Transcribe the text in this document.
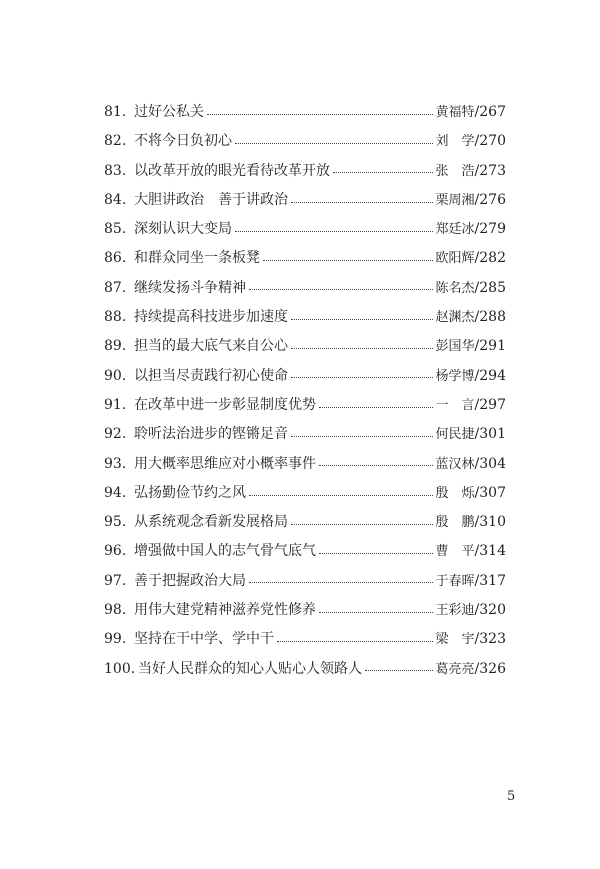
81. 过好公私关	黄福特 /267
82. 不将今日负初心	刘　学 /270
83. 以改革开放的眼光看待改革开放	张　浩 /273
84. 大胆讲政治　善于讲政治	栗周湘 /276
85. 深刻认识大变局	郑廷冰 /279
86. 和群众同坐一条板凳	欧阳辉 /282
87. 继续发扬斗争精神	陈名杰 /285
88. 持续提高科技进步加速度	赵渊杰 /288
89. 担当的最大底气来自公心	彭国华 /291
90. 以担当尽责践行初心使命	杨学博 /294
91. 在改革中进一步彰显制度优势	一　言 /297
92. 聆听法治进步的铿锵足音	何民捷 /301
93. 用大概率思维应对小概率事件	蓝汉林 /304
94. 弘扬勤俭节约之风	殷　烁 /307
95. 从系统观念看新发展格局	殷　鹏 /310
96. 增强做中国人的志气骨气底气	曹　平 /314
97. 善于把握政治大局	于春晖 /317
98. 用伟大建党精神滋养党性修养	王彩迪 /320
99. 坚持在干中学、学中干	梁　宇 /323
100. 当好人民群众的知心人贴心人领路人	葛亮亮 /326
5
